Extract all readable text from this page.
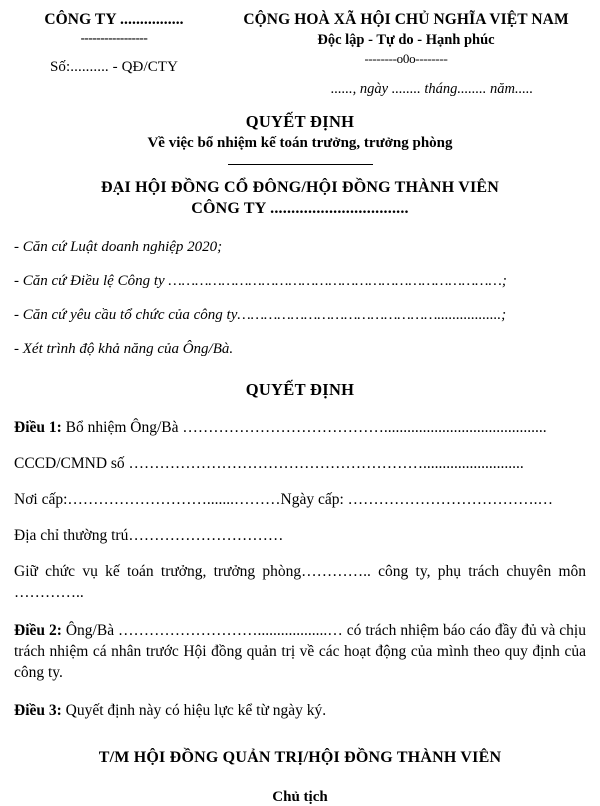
CÔNG TY ................
-----------------
Số:.......... - QĐ/CTY
CỘNG HOÀ XÃ HỘI CHỦ NGHĨA VIỆT NAM
Độc lập - Tự do - Hạnh phúc
--------o0o--------
......, ngày ........ tháng........ năm.....
QUYẾT ĐỊNH
Về việc bổ nhiệm kế toán trưởng, trưởng phòng
ĐẠI HỘI ĐỒNG CỔ ĐÔNG/HỘI ĐỒNG THÀNH VIÊN
CÔNG TY .................................
- Căn cứ Luật doanh nghiệp 2020;
- Căn cứ Điều lệ Công ty …………………………………………………………………;
- Căn cứ yêu cầu tổ chức của công ty……………………………………….................;
- Xét trình độ khả năng của Ông/Bà.
QUYẾT ĐỊNH
Điều 1: Bổ nhiệm Ông/Bà …………………………………..........................................
CCCD/CMND số …………………………………………………..........................
Nơi cấp:……………………….......………Ngày cấp: ……………………………….…
Địa chỉ thường trú…………………………
Giữ chức vụ kế toán trưởng, trưởng phòng………….. công ty, phụ trách chuyên môn …………..
Điều 2: Ông/Bà ………………………..................… có trách nhiệm báo cáo đầy đủ và chịu trách nhiệm cá nhân trước Hội đồng quản trị về các hoạt động của mình theo quy định của công ty.
Điều 3: Quyết định này có hiệu lực kể từ ngày ký.
T/M HỘI ĐỒNG QUẢN TRỊ/HỘI ĐỒNG THÀNH VIÊN
Chủ tịch
